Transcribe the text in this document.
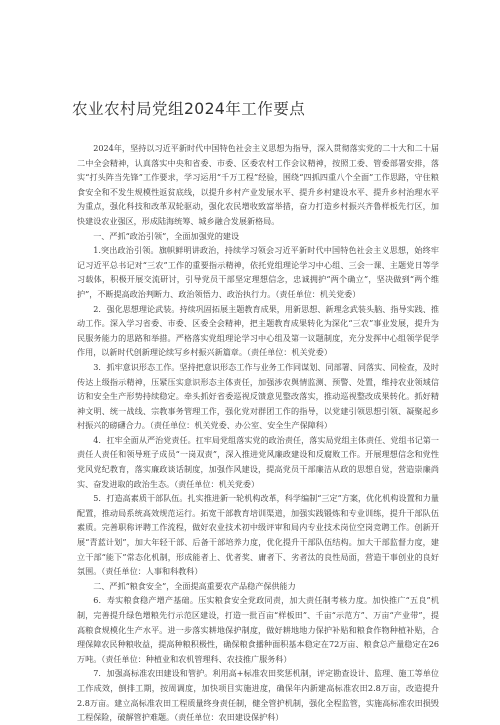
农业农村局党组2024年工作要点

2024年，坚持以习近平新时代中国特色社会主义思想为指导，深入贯彻落实党的二十大和二十届二中全会精神，认真落实中央和省委、市委、区委农村工作会议精神，按照工委、管委部署安排，落实“打头阵当先锋”工作要求，学习运用“千万工程”经验，围绕“四抓四重八个全面”工作思路，守住粮食安全和不发生规模性返贫底线，以提升乡村产业发展水平、提升乡村建设水平、提升乡村治理水平为重点，强化科技和改革双轮驱动，强化农民增收致富举措，奋力打造乡村振兴齐鲁样板先行区，加快建设农业强区，形成陆海统筹、城乡融合发展新格局。

一、严抓“政治引领”，全面加强党的建设

1.突出政治引领。旗帜鲜明讲政治，持续学习领会习近平新时代中国特色社会主义思想，始终牢记习近平总书记对“三农”工作的重要指示精神，依托党组理论学习中心组、三会一课、主题党日等学习载体，积极开展交流研讨，引导党员干部坚定理想信念，忠诚拥护“两个确立”，坚决做到“两个维护”，不断提高政治判断力、政治领悟力、政治执行力。（责任单位：机关党委）

2．强化思想理论武装。持续巩固拓展主题教育成果，用新思想、新理念武装头脑、指导实践、推动工作。深入学习省委、市委、区委全会精神，把主题教育成果转化为深化“三农”事业发展，提升为民服务能力的思路和举措。严格落实党组理论学习中心组及第一议题制度，充分发挥中心组领学促学作用，以新时代创新理论续写乡村振兴新篇章。（责任单位：机关党委）

3．抓牢意识形态工作。坚持把意识形态工作与业务工作同谋划、同部署、同落实、同检查，及时传达上级指示精神，压紧压实意识形态主体责任，加强涉农舆情监测、预警、处置，维持农业领域信访和安全生产形势持续稳定。牵头抓好省委巡视反馈意见整改落实，推动巡视整改成果转化。抓好精神文明、统一战线、宗教事务管理工作，强化党对群团工作的指导，以党建引领思想引领、凝聚起乡村振兴的磅礴合力。（责任单位：机关党委、办公室、安全生产保障科）

4．扛牢全面从严治党责任。扛牢局党组落实党的政治责任，落实局党组主体责任、党组书记第一责任人责任和领导班子成员“一岗双责”，深入推进党风廉政建设和反腐败工作。开展理想信念和党性党风党纪教育，落实廉政谈话制度，加强作风建设，提高党员干部廉洁从政的思想自觉，营造崇廉尚实、奋发进取的政治生态。（责任单位：机关党委）

5．打造高素质干部队伍。扎实推进新一轮机构改革，科学编制“三定”方案，优化机构设置和力量配置，推动局系统高效规范运行。拓宽干部教育培训渠道，加强实践锻炼和专业训练，提升干部队伍素质。完善职称评聘工作流程，做好农业技术初中级评审和局内专业技术岗位空岗竞聘工作。创新开展“青蓝计划”，加大年轻干部、后备干部培养力度，优化提升干部队伍结构。加大干部监督力度，建立干部“能下”常态化机制，形成能者上、优者奖、庸者下、劣者汰的良性局面，营造干事创业的良好氛围。（责任单位：人事和科教科）

二、严抓“粮食安全”，全面提高重要农产品稳产保供能力

6．寿实粮食稳产增产基础。压实粮食安全党政同责，加大责任制考核力度。加快推广“五良”机制，完善提升绿色增粮先行示范区建设，打造一批百亩“样板田”、千亩“示范方”、万亩“产业带”，提高粮食规模化生产水平。进一步落实耕地保护制度，做好耕地地力保护补贴和粮食作物种植补贴，合理保障农民种粮收益，提高种粮积极性，确保粮食播种面积基本稳定在72万亩、粮食总产量稳定在26万吨。（责任单位：种植业和农机管理科、农技推广服务科）

7．加强高标准农田建设和管护。利用高+标准农田奖惩机制，评定勘查设计、监理、施工等单位工作成效，倒排工期，按周调度，加快项目实施进度，确保年内新建高标准农田2.8万亩，改造提升2.8万亩。建立高标准农田工程质量终身责任制，健全管护机制，强化全程监管，实施高标准农田损毁工程保险，破解管护难题。（责任单位：农田建设保护科）
